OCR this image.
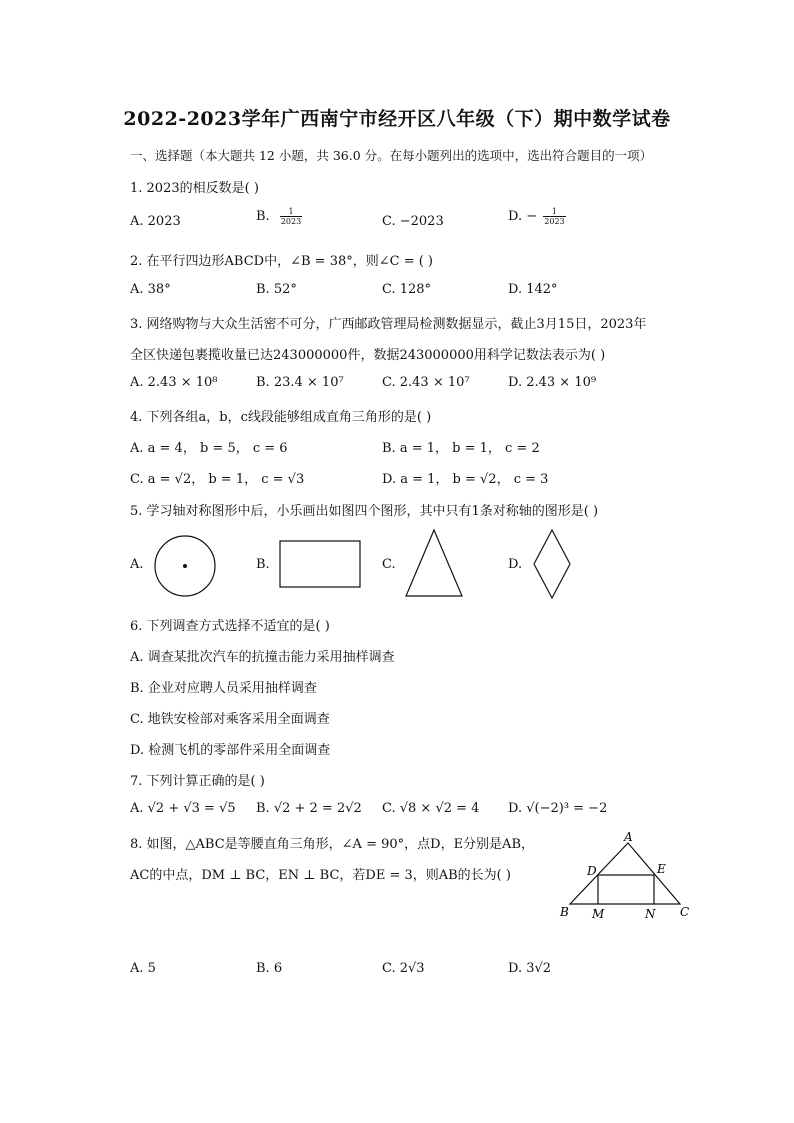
2022-2023学年广西南宁市经开区八年级（下）期中数学试卷
一、选择题（本大题共 12 小题，共 36.0 分。在每小题列出的选项中，选出符合题目的一项）
1. 2023的相反数是( )
A. 2023	B. $\frac{1}{2023}$	C. −2023	D. − $\frac{1}{2023}$
2. 在平行四边形ABCD中，∠B = 38°，则∠C = ( )
A. 38°	B. 52°	C. 128°	D. 142°
3. 网络购物与大众生活密不可分，广西邮政管理局检测数据显示，截止3月15日，2023年
全区快递包裹揽收量已达243000000件，数据243000000用科学记数法表示为( )
A. 2.43 × 10⁸	B. 23.4 × 10⁷	C. 2.43 × 10⁷	D. 2.43 × 10⁹
4. 下列各组a，b，c线段能够组成直角三角形的是( )
A. a = 4， b = 5， c = 6	B. a = 1， b = 1， c = 2
C. a = √2， b = 1， c = √3	D. a = 1， b = √2， c = 3
5. 学习轴对称图形中后，小乐画出如图四个图形，其中只有1条对称轴的图形是( )
A.	B.	C.	D.
6. 下列调查方式选择不适宜的是( )
A. 调查某批次汽车的抗撞击能力采用抽样调查
B. 企业对应聘人员采用抽样调查
C. 地铁安检部对乘客采用全面调查
D. 检测飞机的零部件采用全面调查
7. 下列计算正确的是( )
A. √2 + √3 = √5 B. √2 + 2 = 2√2 C. √8 × √2 = 4 D. √(−2)³ = −2
8. 如图，△ABC是等腰直角三角形，∠A = 90°，点D，E分别是AB，
AC的中点，DM ⊥ BC，EN ⊥ BC，若DE = 3，则AB的长为( )
A
B	C
D	E
M	N
A. 5	B. 6	C. 2√3	D. 3√2
